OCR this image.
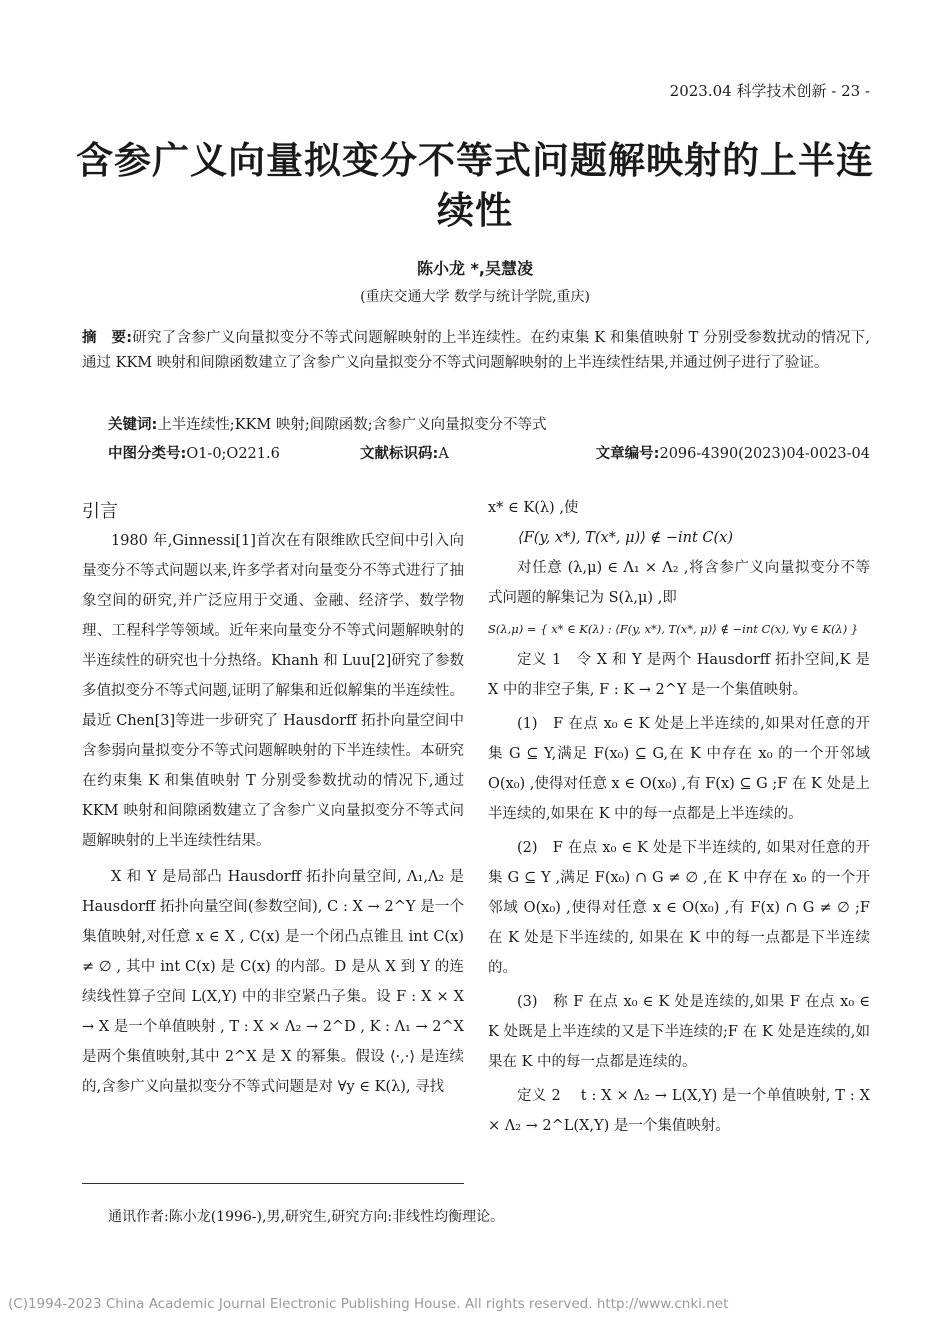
2023.04 科学技术创新 - 23 -
含参广义向量拟变分不等式问题解映射的上半连续性
陈小龙 *,吴慧凌
(重庆交通大学 数学与统计学院,重庆)
摘　要:研究了含参广义向量拟变分不等式问题解映射的上半连续性。在约束集 K 和集值映射 T 分别受参数扰动的情况下, 通过 KKM 映射和间隙函数建立了含参广义向量拟变分不等式问题解映射的上半连续性结果,并通过例子进行了验证。
关键词:上半连续性;KKM 映射;间隙函数;含参广义向量拟变分不等式
中图分类号:O1-0;O221.6	文献标识码:A	文章编号:2096-4390(2023)04-0023-04
引言

1980 年,Ginnessi[1]首次在有限维欧氏空间中引入向量变分不等式问题以来,许多学者对向量变分不等式进行了抽象空间的研究,并广泛应用于交通、金融、经济学、数学物理、工程科学等领域。近年来向量变分不等式问题解映射的半连续性的研究也十分热络。Khanh 和 Luu[2]研究了参数多值拟变分不等式问题,证明了解集和近似解集的半连续性。最近 Chen[3]等进一步研究了 Hausdorff 拓扑向量空间中含参弱向量拟变分不等式问题解映射的下半连续性。本研究在约束集 K 和集值映射 T 分别受参数扰动的情况下,通过 KKM 映射和间隙函数建立了含参广义向量拟变分不等式问题解映射的上半连续性结果。

X 和 Y 是局部凸 Hausdorff 拓扑向量空间, Λ₁,Λ₂ 是 Hausdorff 拓扑向量空间(参数空间), C : X → 2^Y 是一个集值映射,对任意 x ∈ X , C(x) 是一个闭凸点锥且 int C(x) ≠ ∅ , 其中 int C(x) 是 C(x) 的内部。D 是从 X 到 Y 的连续线性算子空间 L(X,Y) 中的非空紧凸子集。设 F : X × X → X 是一个单值映射 , T : X × Λ₂ → 2^D , K : Λ₁ → 2^X 是两个集值映射,其中 2^X 是 X 的幂集。假设 ⟨·,·⟩ 是连续的,含参广义向量拟变分不等式问题是对 ∀y ∈ K(λ), 寻找

x* ∈ K(λ) ,使

⟨F(y, x*), T(x*, μ)⟩ ∉ −int C(x)

对任意 (λ,μ) ∈ Λ₁ × Λ₂ ,将含参广义向量拟变分不等式问题的解集记为 S(λ,μ) ,即

S(λ,μ) = { x* ∈ K(λ) : ⟨F(y, x*), T(x*, μ)⟩ ∉ −int C(x), ∀y ∈ K(λ) }

定义 1　令 X 和 Y 是两个 Hausdorff 拓扑空间,K 是 X 中的非空子集, F : K → 2^Y 是一个集值映射。

(1)　F 在点 x₀ ∈ K 处是上半连续的,如果对任意的开集 G ⊆ Y,满足 F(x₀) ⊆ G,在 K 中存在 x₀ 的一个开邻域 O(x₀) ,使得对任意 x ∈ O(x₀) ,有 F(x) ⊆ G ;F 在 K 处是上半连续的,如果在 K 中的每一点都是上半连续的。

(2)　F 在点 x₀ ∈ K 处是下半连续的, 如果对任意的开集 G ⊆ Y ,满足 F(x₀) ∩ G ≠ ∅ ,在 K 中存在 x₀ 的一个开邻域 O(x₀) ,使得对任意 x ∈ O(x₀) ,有 F(x) ∩ G ≠ ∅ ;F 在 K 处是下半连续的, 如果在 K 中的每一点都是下半连续的。

(3)　称 F 在点 x₀ ∈ K 处是连续的,如果 F 在点 x₀ ∈ K 处既是上半连续的又是下半连续的;F 在 K 处是连续的,如果在 K 中的每一点都是连续的。

定义 2　 t : X × Λ₂ → L(X,Y) 是一个单值映射, T : X × Λ₂ → 2^L(X,Y) 是一个集值映射。

通讯作者:陈小龙(1996-),男,研究生,研究方向:非线性均衡理论。
(C)1994-2023 China Academic Journal Electronic Publishing House. All rights reserved. http://www.cnki.net
